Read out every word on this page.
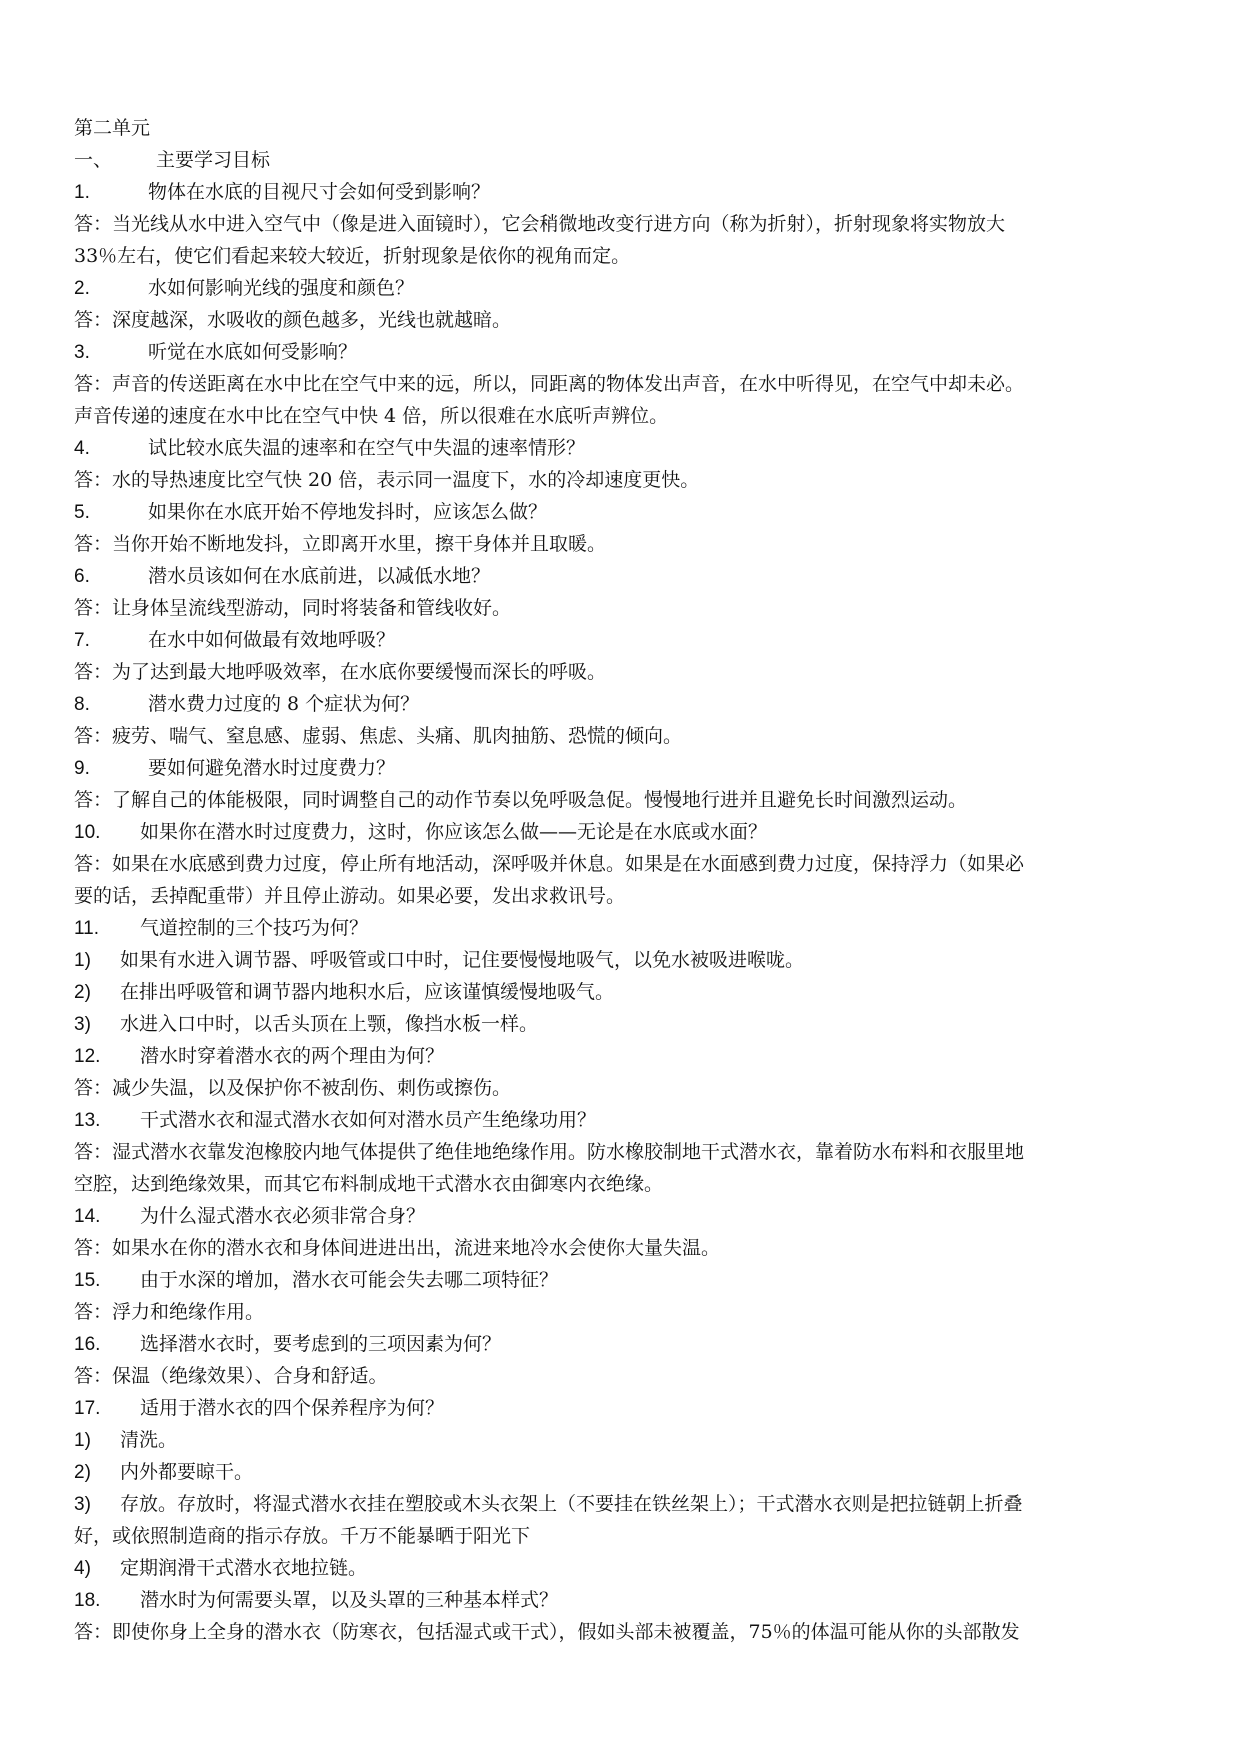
第二单元
一、 主要学习目标
1.	物体在水底的目视尺寸会如何受到影响？
答：当光线从水中进入空气中（像是进入面镜时），它会稍微地改变行进方向（称为折射），折射现象将实物放大
33％左右，使它们看起来较大较近，折射现象是依你的视角而定。
2.	水如何影响光线的强度和颜色？
答：深度越深，水吸收的颜色越多，光线也就越暗。
3.	听觉在水底如何受影响？
答：声音的传送距离在水中比在空气中来的远，所以，同距离的物体发出声音，在水中听得见，在空气中却未必。
声音传递的速度在水中比在空气中快 4 倍，所以很难在水底听声辨位。
4.	试比较水底失温的速率和在空气中失温的速率情形？
答：水的导热速度比空气快 20 倍，表示同一温度下，水的冷却速度更快。
5.	如果你在水底开始不停地发抖时，应该怎么做？
答：当你开始不断地发抖，立即离开水里，擦干身体并且取暖。
6.	潜水员该如何在水底前进，以减低水地？
答：让身体呈流线型游动，同时将装备和管线收好。
7.	在水中如何做最有效地呼吸？
答：为了达到最大地呼吸效率，在水底你要缓慢而深长的呼吸。
8.	潜水费力过度的 8 个症状为何？
答：疲劳、喘气、窒息感、虚弱、焦虑、头痛、肌肉抽筋、恐慌的倾向。
9.	要如何避免潜水时过度费力？
答：了解自己的体能极限，同时调整自己的动作节奏以免呼吸急促。慢慢地行进并且避免长时间激烈运动。
10. 如果你在潜水时过度费力，这时，你应该怎么做——无论是在水底或水面？
答：如果在水底感到费力过度，停止所有地活动，深呼吸并休息。如果是在水面感到费力过度，保持浮力（如果必
要的话，丢掉配重带）并且停止游动。如果必要，发出求救讯号。
11. 气道控制的三个技巧为何？
1) 如果有水进入调节器、呼吸管或口中时，记住要慢慢地吸气，以免水被吸进喉咙。
2) 在排出呼吸管和调节器内地积水后，应该谨慎缓慢地吸气。
3) 水进入口中时，以舌头顶在上颚，像挡水板一样。
12. 潜水时穿着潜水衣的两个理由为何？
答：减少失温，以及保护你不被刮伤、刺伤或擦伤。
13. 干式潜水衣和湿式潜水衣如何对潜水员产生绝缘功用？
答：湿式潜水衣靠发泡橡胶内地气体提供了绝佳地绝缘作用。防水橡胶制地干式潜水衣，靠着防水布料和衣服里地
空腔，达到绝缘效果，而其它布料制成地干式潜水衣由御寒内衣绝缘。
14. 为什么湿式潜水衣必须非常合身？
答：如果水在你的潜水衣和身体间进进出出，流进来地冷水会使你大量失温。
15. 由于水深的增加，潜水衣可能会失去哪二项特征？
答：浮力和绝缘作用。
16. 选择潜水衣时，要考虑到的三项因素为何？
答：保温（绝缘效果）、合身和舒适。
17. 适用于潜水衣的四个保养程序为何？
1) 清洗。
2) 内外都要晾干。
3) 存放。存放时，将湿式潜水衣挂在塑胶或木头衣架上（不要挂在铁丝架上）；干式潜水衣则是把拉链朝上折叠
好，或依照制造商的指示存放。千万不能暴晒于阳光下
4) 定期润滑干式潜水衣地拉链。
18. 潜水时为何需要头罩，以及头罩的三种基本样式？
答：即使你身上全身的潜水衣（防寒衣，包括湿式或干式），假如头部未被覆盖，75％的体温可能从你的头部散发
